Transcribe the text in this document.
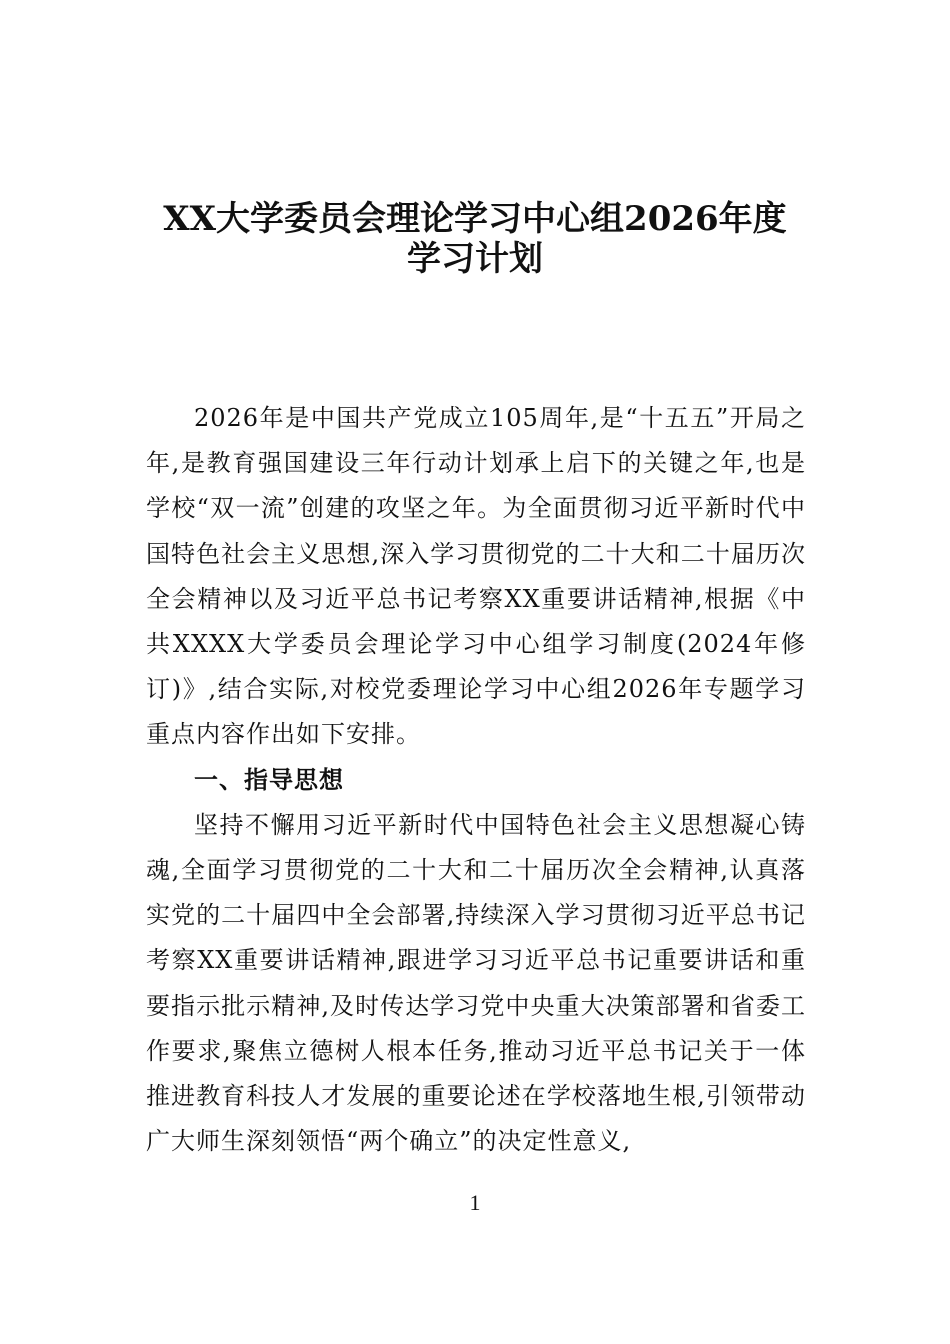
XX大学委员会理论学习中心组2026年度
学习计划

2026年是中国共产党成立105周年,是“十五五”开局之年,是教育强国建设三年行动计划承上启下的关键之年,也是学校“双一流”创建的攻坚之年。为全面贯彻习近平新时代中国特色社会主义思想,深入学习贯彻党的二十大和二十届历次全会精神以及习近平总书记考察XX重要讲话精神,根据《中共XXXX大学委员会理论学习中心组学习制度(2024年修订)》,结合实际,对校党委理论学习中心组2026年专题学习重点内容作出如下安排。

一、指导思想

坚持不懈用习近平新时代中国特色社会主义思想凝心铸魂,全面学习贯彻党的二十大和二十届历次全会精神,认真落实党的二十届四中全会部署,持续深入学习贯彻习近平总书记考察XX重要讲话精神,跟进学习习近平总书记重要讲话和重要指示批示精神,及时传达学习党中央重大决策部署和省委工作要求,聚焦立德树人根本任务,推动习近平总书记关于一体推进教育科技人才发展的重要论述在学校落地生根,引领带动广大师生深刻领悟“两个确立”的决定性意义,

1
